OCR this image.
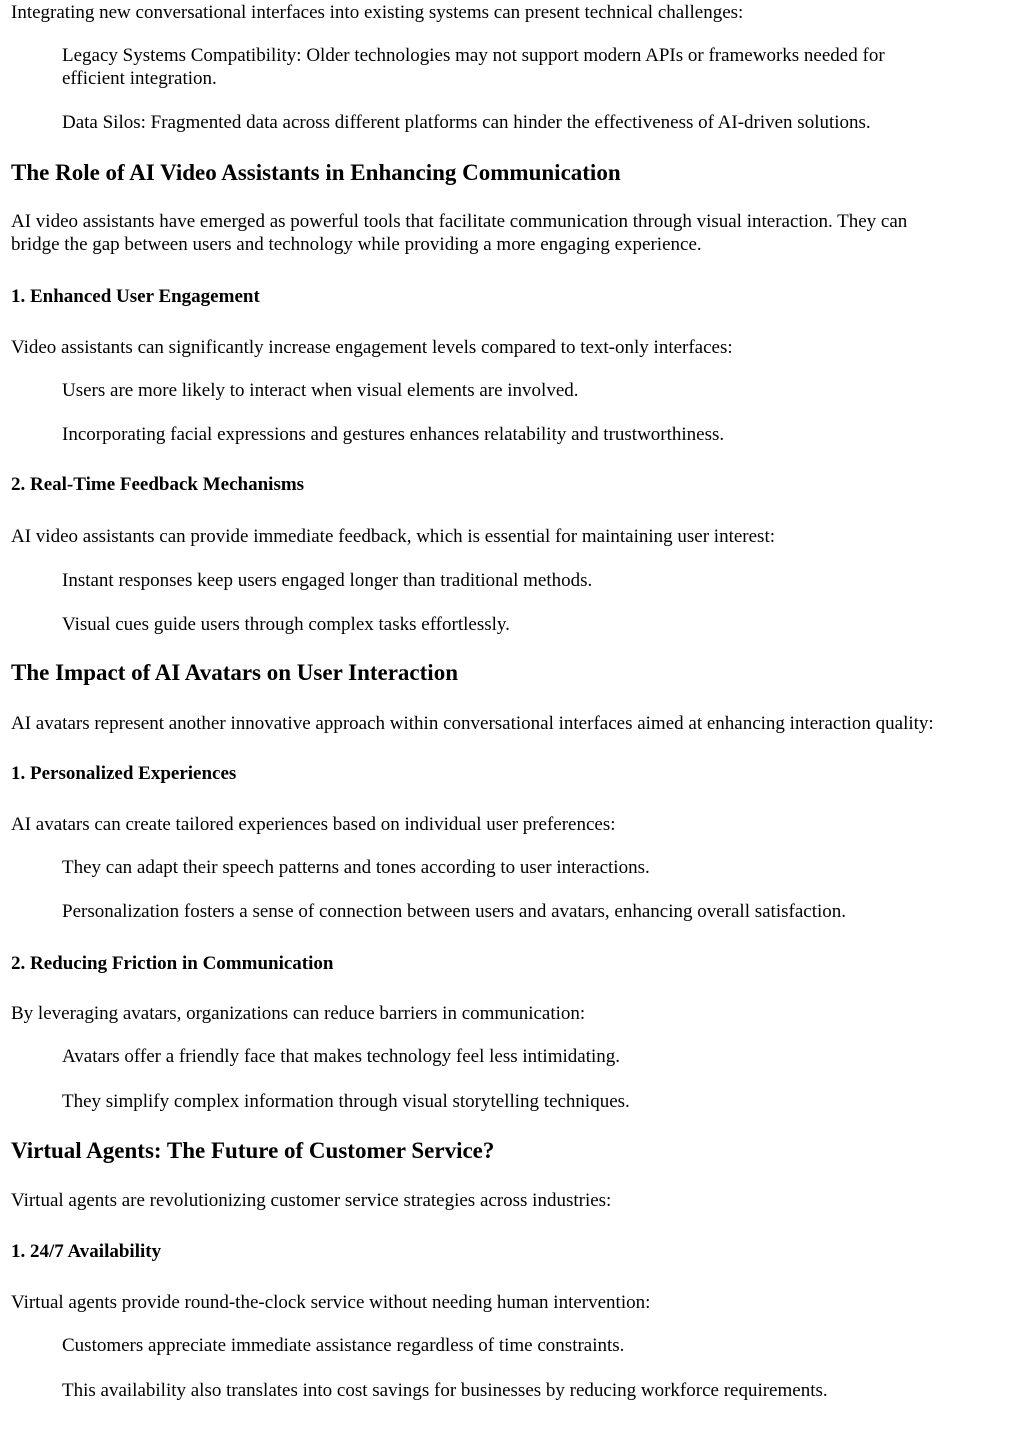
Integrating new conversational interfaces into existing systems can present technical challenges:

Legacy Systems Compatibility: Older technologies may not support modern APIs or frameworks needed for

efficient integration.

Data Silos: Fragmented data across different platforms can hinder the effectiveness of AI-driven solutions.

The Role of AI Video Assistants in Enhancing Communication

AI video assistants have emerged as powerful tools that facilitate communication through visual interaction. They can

bridge the gap between users and technology while providing a more engaging experience.

1. Enhanced User Engagement

Video assistants can significantly increase engagement levels compared to text-only interfaces:

Users are more likely to interact when visual elements are involved.

Incorporating facial expressions and gestures enhances relatability and trustworthiness.

2. Real-Time Feedback Mechanisms

AI video assistants can provide immediate feedback, which is essential for maintaining user interest:

Instant responses keep users engaged longer than traditional methods.

Visual cues guide users through complex tasks effortlessly.

The Impact of AI Avatars on User Interaction

AI avatars represent another innovative approach within conversational interfaces aimed at enhancing interaction quality:

1. Personalized Experiences

AI avatars can create tailored experiences based on individual user preferences:

They can adapt their speech patterns and tones according to user interactions.

Personalization fosters a sense of connection between users and avatars, enhancing overall satisfaction.

2. Reducing Friction in Communication

By leveraging avatars, organizations can reduce barriers in communication:

Avatars offer a friendly face that makes technology feel less intimidating.

They simplify complex information through visual storytelling techniques.

Virtual Agents: The Future of Customer Service?

Virtual agents are revolutionizing customer service strategies across industries:

1. 24/7 Availability

Virtual agents provide round-the-clock service without needing human intervention:

Customers appreciate immediate assistance regardless of time constraints.

This availability also translates into cost savings for businesses by reducing workforce requirements.
